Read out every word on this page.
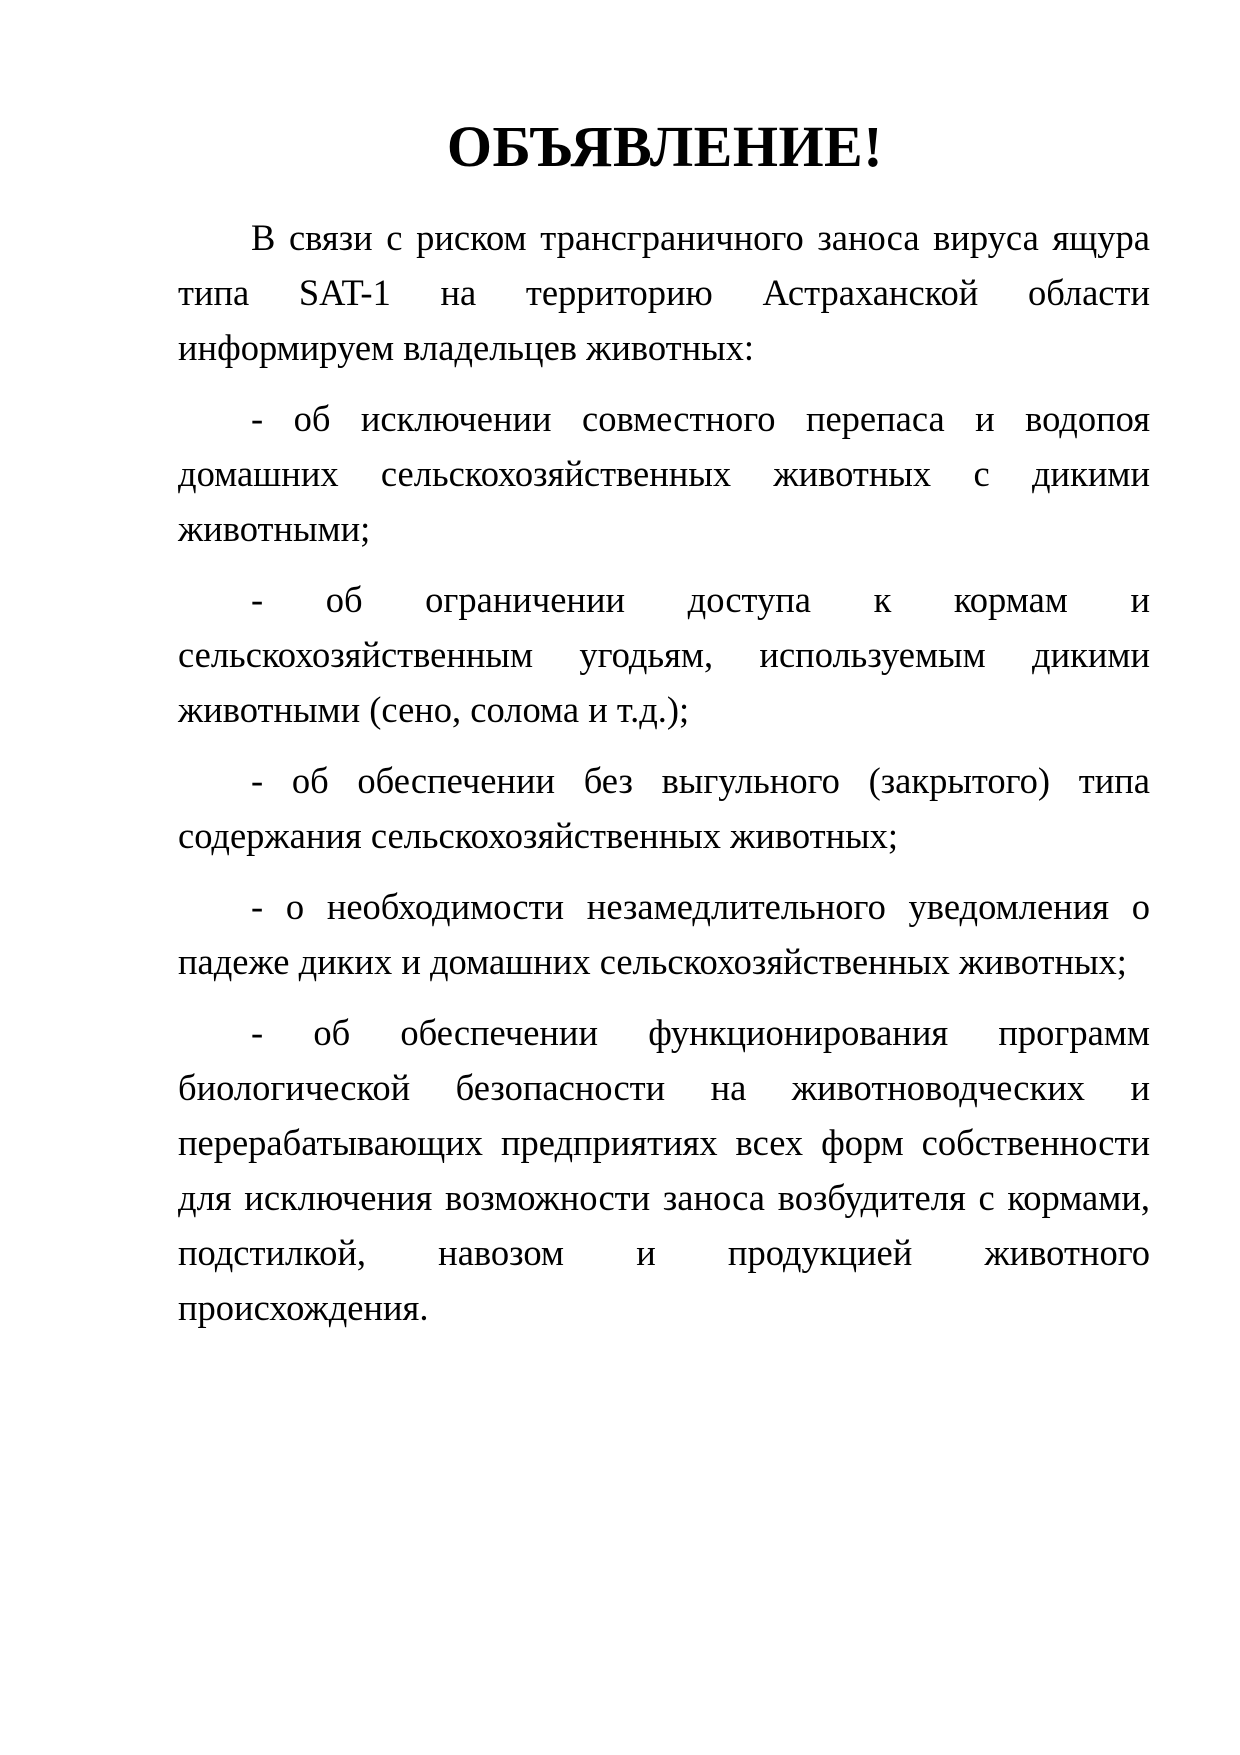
ОБЪЯВЛЕНИЕ!

В связи с риском трансграничного заноса вируса ящура типа SAT-1 на территорию Астраханской области информируем владельцев животных:

- об исключении совместного перепаса и водопоя домашних сельскохозяйственных животных с дикими животными;

- об ограничении доступа к кормам и сельскохозяйственным угодьям, используемым дикими животными (сено, солома и т.д.);

- об обеспечении без выгульного (закрытого) типа содержания сельскохозяйственных животных;

- о необходимости незамедлительного уведомления о падеже диких и домашних сельскохозяйственных животных;

- об обеспечении функционирования программ биологической безопасности на животноводческих и перерабатывающих предприятиях всех форм собственности для исключения возможности заноса возбудителя с кормами, подстилкой, навозом и продукцией животного происхождения.
